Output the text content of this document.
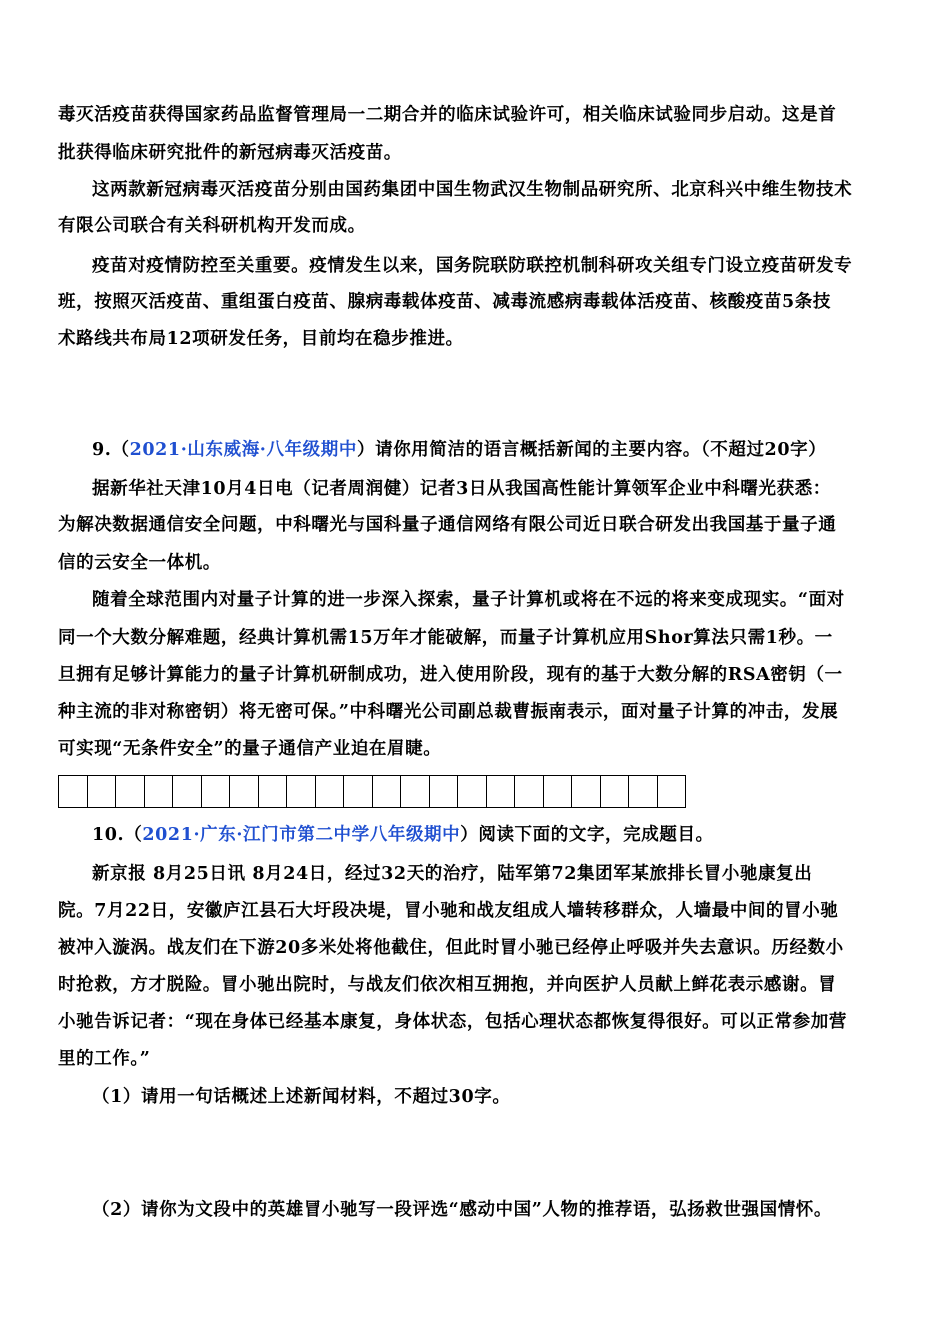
毒灭活疫苗获得国家药品监督管理局一二期合并的临床试验许可，相关临床试验同步启动。这是首
批获得临床研究批件的新冠病毒灭活疫苗。
这两款新冠病毒灭活疫苗分别由国药集团中国生物武汉生物制品研究所、北京科兴中维生物技术
有限公司联合有关科研机构开发而成。
疫苗对疫情防控至关重要。疫情发生以来，国务院联防联控机制科研攻关组专门设立疫苗研发专
班，按照灭活疫苗、重组蛋白疫苗、腺病毒载体疫苗、减毒流感病毒载体活疫苗、核酸疫苗5条技
术路线共布局12项研发任务，目前均在稳步推进。
9.（2021·山东威海·八年级期中）请你用简洁的语言概括新闻的主要内容。（不超过20字）
据新华社天津10月4日电（记者周润健）记者3日从我国高性能计算领军企业中科曙光获悉：
为解决数据通信安全问题，中科曙光与国科量子通信网络有限公司近日联合研发出我国基于量子通
信的云安全一体机。
随着全球范围内对量子计算的进一步深入探索，量子计算机或将在不远的将来变成现实。“面对
同一个大数分解难题，经典计算机需15万年才能破解，而量子计算机应用Shor算法只需1秒。一
旦拥有足够计算能力的量子计算机研制成功，进入使用阶段，现有的基于大数分解的RSA密钥（一
种主流的非对称密钥）将无密可保。”中科曙光公司副总裁曹振南表示，面对量子计算的冲击，发展
可实现“无条件安全”的量子通信产业迫在眉睫。
10.（2021·广东·江门市第二中学八年级期中）阅读下面的文字，完成题目。
新京报 8月25日讯 8月24日，经过32天的治疗，陆军第72集团军某旅排长冒小驰康复出
院。7月22日，安徽庐江县石大圩段决堤，冒小驰和战友组成人墙转移群众，人墙最中间的冒小驰
被冲入漩涡。战友们在下游20多米处将他截住，但此时冒小驰已经停止呼吸并失去意识。历经数小
时抢救，方才脱险。冒小驰出院时，与战友们依次相互拥抱，并向医护人员献上鲜花表示感谢。冒
小驰告诉记者：“现在身体已经基本康复，身体状态，包括心理状态都恢复得很好。可以正常参加营
里的工作。”
（1）请用一句话概述上述新闻材料，不超过30字。
（2）请你为文段中的英雄冒小驰写一段评选“感动中国”人物的推荐语，弘扬救世强国情怀。
